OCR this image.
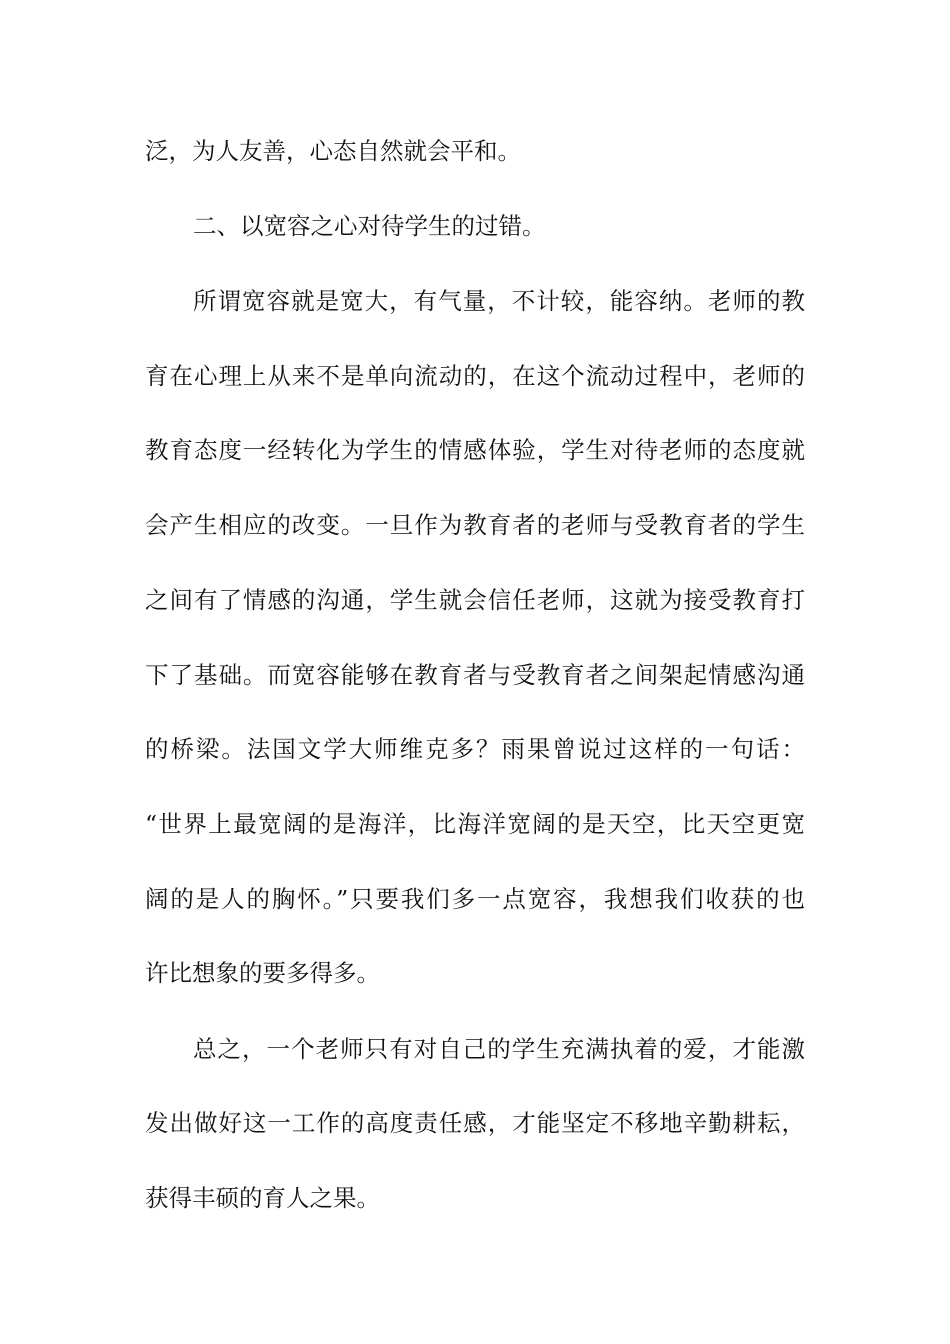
泛，为人友善，心态自然就会平和。
二、以宽容之心对待学生的过错。
所谓宽容就是宽大，有气量，不计较，能容纳。老师的教
育在心理上从来不是单向流动的，在这个流动过程中，老师的
教育态度一经转化为学生的情感体验，学生对待老师的态度就
会产生相应的改变。一旦作为教育者的老师与受教育者的学生
之间有了情感的沟通，学生就会信任老师，这就为接受教育打
下了基础。而宽容能够在教育者与受教育者之间架起情感沟通
的桥梁。法国文学大师维克多？雨果曾说过这样的一句话：
“世界上最宽阔的是海洋，比海洋宽阔的是天空，比天空更宽
阔的是人的胸怀。”只要我们多一点宽容，我想我们收获的也
许比想象的要多得多。
总之，一个老师只有对自己的学生充满执着的爱，才能激
发出做好这一工作的高度责任感，才能坚定不移地辛勤耕耘，
获得丰硕的育人之果。
